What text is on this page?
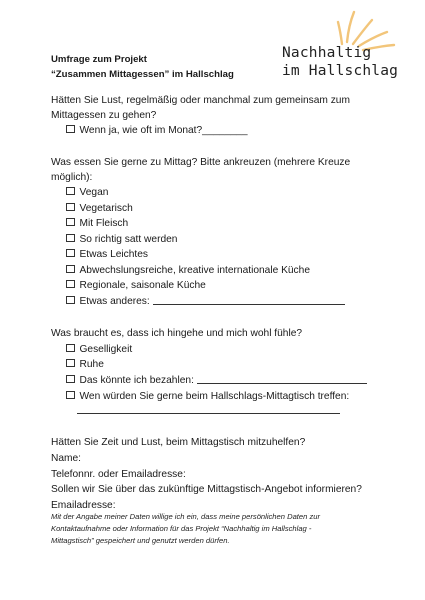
Umfrage zum Projekt
“Zusammen Mittagessen” im Hallschlag
Nachhaltig
im Hallschlag
Hätten Sie Lust, regelmäßig oder manchmal zum gemeinsam zum
Mittagessen zu gehen?
Wenn ja, wie oft im Monat?________
Was essen Sie gerne zu Mittag? Bitte ankreuzen (mehrere Kreuze
möglich):
Vegan
Vegetarisch
Mit Fleisch
So richtig satt werden
Etwas Leichtes
Abwechslungsreiche, kreative internationale Küche
Regionale, saisonale Küche
Etwas anderes:
Was braucht es, dass ich hingehe und mich wohl fühle?
Geselligkeit
Ruhe
Das könnte ich bezahlen:
Wen würden Sie gerne beim Hallschlags-Mittagtisch treffen:
Hätten Sie Zeit und Lust, beim Mittagstisch mitzuhelfen?
Name:
Telefonnr. oder Emailadresse:
Sollen wir Sie über das zukünftige Mittagstisch-Angebot informieren?
Emailadresse:
Mit der Angabe meiner Daten willige ich ein, dass meine persönlichen Daten zur
Kontaktaufnahme oder Information für das Projekt “Nachhaltig im Hallschlag -
Mittagstisch” gespeichert und genutzt werden dürfen.
